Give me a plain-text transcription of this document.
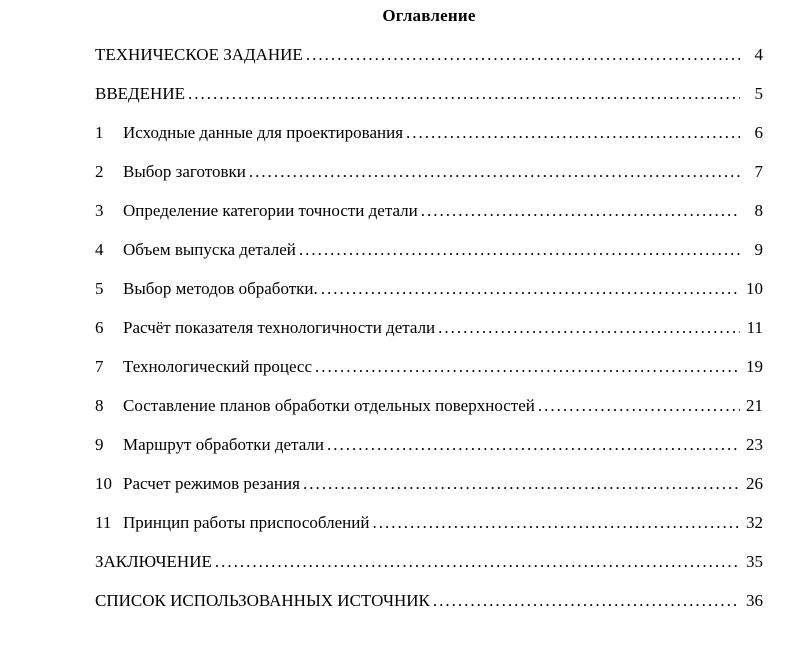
Оглавление
ТЕХНИЧЕСКОЕ ЗАДАНИЕ .....	4
ВВЕДЕНИЕ .....	5
1	Исходные данные для проектирования .....	6
2	Выбор заготовки .....	7
3	Определение категории точности детали .....	8
4	Объем выпуска деталей .....	9
5	Выбор методов обработки. .....	10
6	Расчёт показателя технологичности детали .....	11
7	Технологический процесс .....	19
8	Составление планов обработки отдельных поверхностей .....	21
9	Маршрут обработки детали .....	23
10 Расчет режимов резания .....	26
11 Принцип работы приспособлений .....	32
ЗАКЛЮЧЕНИЕ .....	35
СПИСОК ИСПОЛЬЗОВАННЫХ ИСТОЧНИК .....	36
